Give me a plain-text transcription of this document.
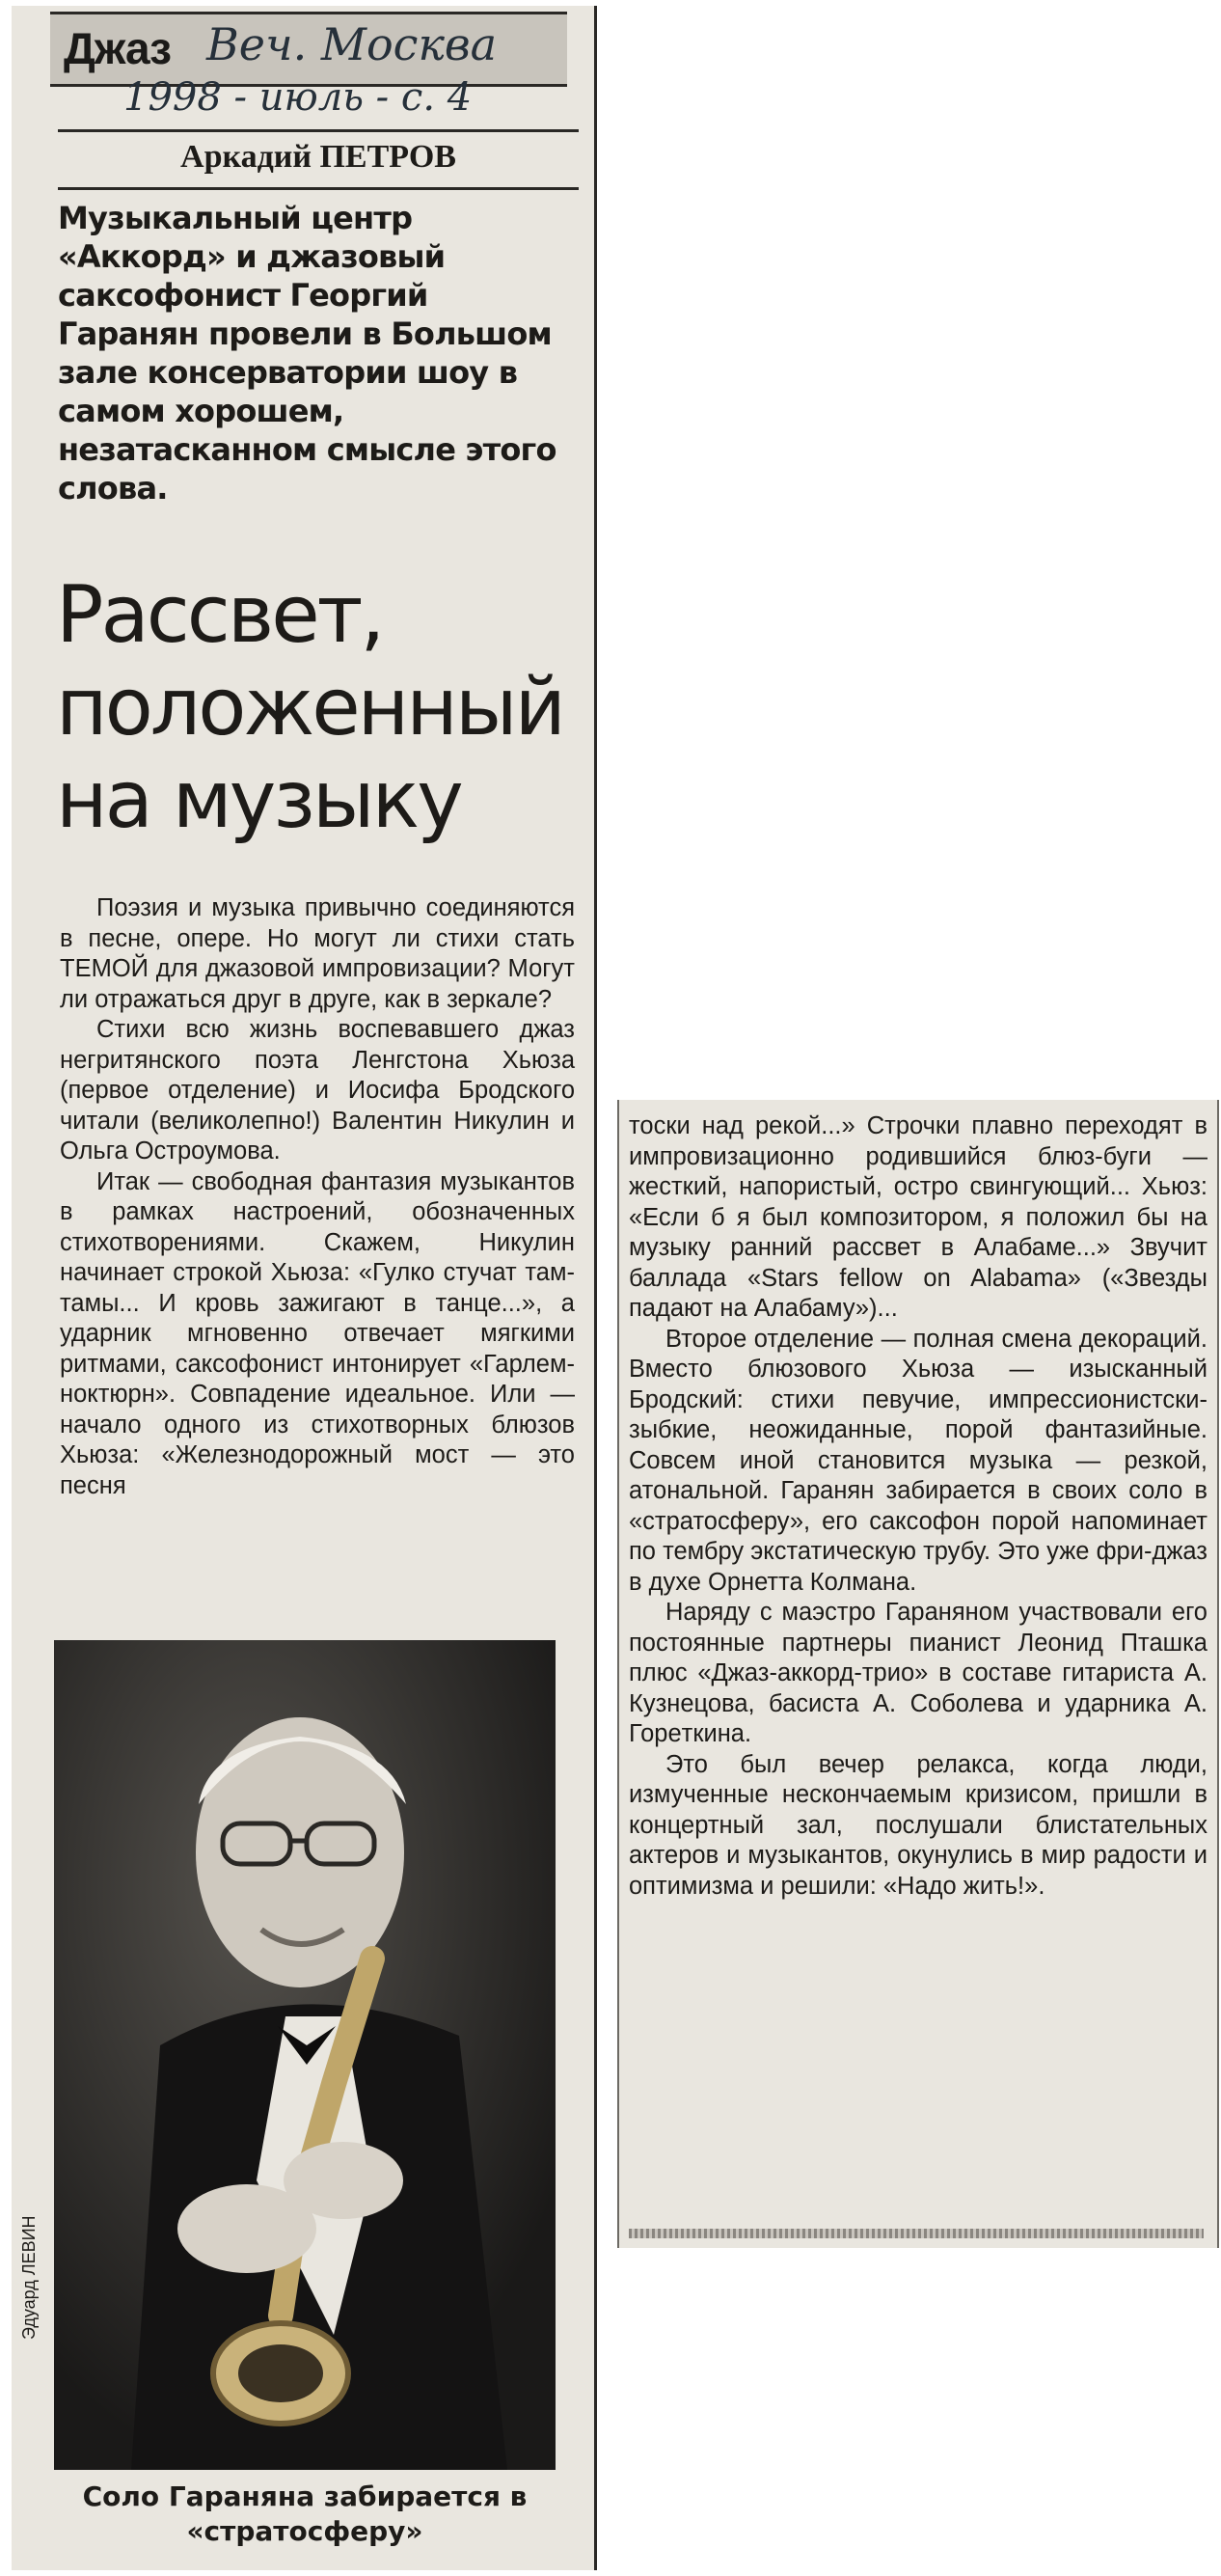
Джаз Веч. Москва
1998 - июль - с. 4
Аркадий ПЕТРОВ
Музыкальный центр «Аккорд» и джазовый саксофонист Георгий Гаранян провели в Большом зале консерватории шоу в самом хорошем, незатасканном смысле этого слова.
Рассвет, положенный на музыку

Поэзия и музыка привычно соединяются в песне, опере. Но могут ли стихи стать ТЕМОЙ для джазовой импровизации? Могут ли отражаться друг в друге, как в зеркале?

Стихи всю жизнь воспевавшего джаз негритянского поэта Ленгстона Хьюза (первое отделение) и Иосифа Бродского читали (великолепно!) Валентин Никулин и Ольга Остроумова.

Итак — свободная фантазия музыкантов в рамках настроений, обозначенных стихотворениями. Скажем, Никулин начинает строкой Хьюза: «Гулко стучат там-тамы... И кровь зажигают в танце...», а ударник мгновенно отвечает мягкими ритмами, саксофонист интонирует «Гарлем-ноктюрн». Совпадение идеальное. Или — начало одного из стихотворных блюзов Хьюза: «Железнодорожный мост — это песня

Соло Гараняна забирается в «стратосферу»

тоски над рекой...» Строчки плавно переходят в импровизационно родившийся блюз-буги — жесткий, напористый, остро свингующий... Хьюз: «Если б я был композитором, я положил бы на музыку ранний рассвет в Алабаме...» Звучит баллада «Stars fellow on Alabama» («Звезды падают на Алабаму»)...

Второе отделение — полная смена декораций. Вместо блюзового Хьюза — изысканный Бродский: стихи певучие, импрессионистски-зыбкие, неожиданные, порой фантазийные. Совсем иной становится музыка — резкой, атональной. Гаранян забирается в своих соло в «стратосферу», его саксофон порой напоминает по тембру экстатическую трубу. Это уже фри-джаз в духе Орнетта Колмана.

Наряду с маэстро Гараняном участвовали его постоянные партнеры пианист Леонид Пташка плюс «Джаз-аккорд-трио» в составе гитариста А. Кузнецова, басиста А. Соболева и ударника А. Горeткина.

Это был вечер релакса, когда люди, измученные нескончаемым кризисом, пришли в концертный зал, послушали блистательных актеров и музыкантов, окунулись в мир радости и оптимизма и решили: «Надо жить!».
